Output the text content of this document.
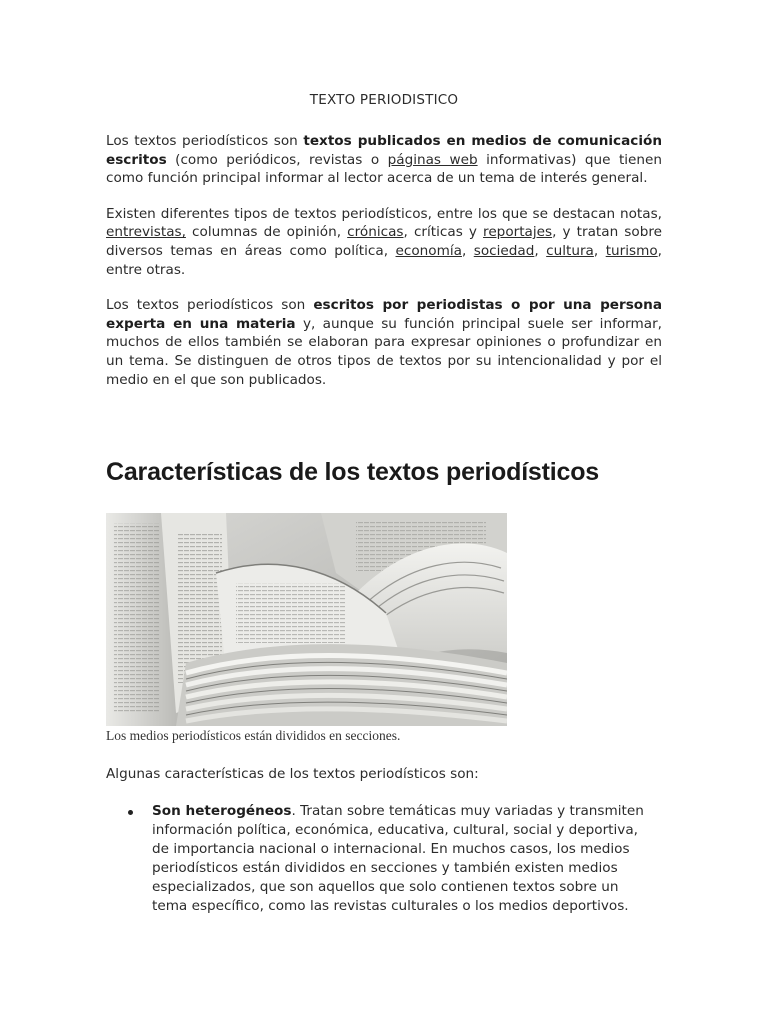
TEXTO PERIODISTICO

Los textos periodísticos son textos publicados en medios de comunicación escritos (como periódicos, revistas o páginas web informativas) que tienen como función principal informar al lector acerca de un tema de interés general.

Existen diferentes tipos de textos periodísticos, entre los que se destacan notas, entrevistas, columnas de opinión, crónicas, críticas y reportajes, y tratan sobre diversos temas en áreas como política, economía, sociedad, cultura, turismo, entre otras.

Los textos periodísticos son escritos por periodistas o por una persona experta en una materia y, aunque su función principal suele ser informar, muchos de ellos también se elaboran para expresar opiniones o profundizar en un tema. Se distinguen de otros tipos de textos por su intencionalidad y por el medio en el que son publicados.

Características de los textos periodísticos
Los medios periodísticos están divididos en secciones.
Algunas características de los textos periodísticos son:
Son heterogéneos. Tratan sobre temáticas muy variadas y transmiten información política, económica, educativa, cultural, social y deportiva, de importancia nacional o internacional. En muchos casos, los medios periodísticos están divididos en secciones y también existen medios especializados, que son aquellos que solo contienen textos sobre un tema específico, como las revistas culturales o los medios deportivos.
